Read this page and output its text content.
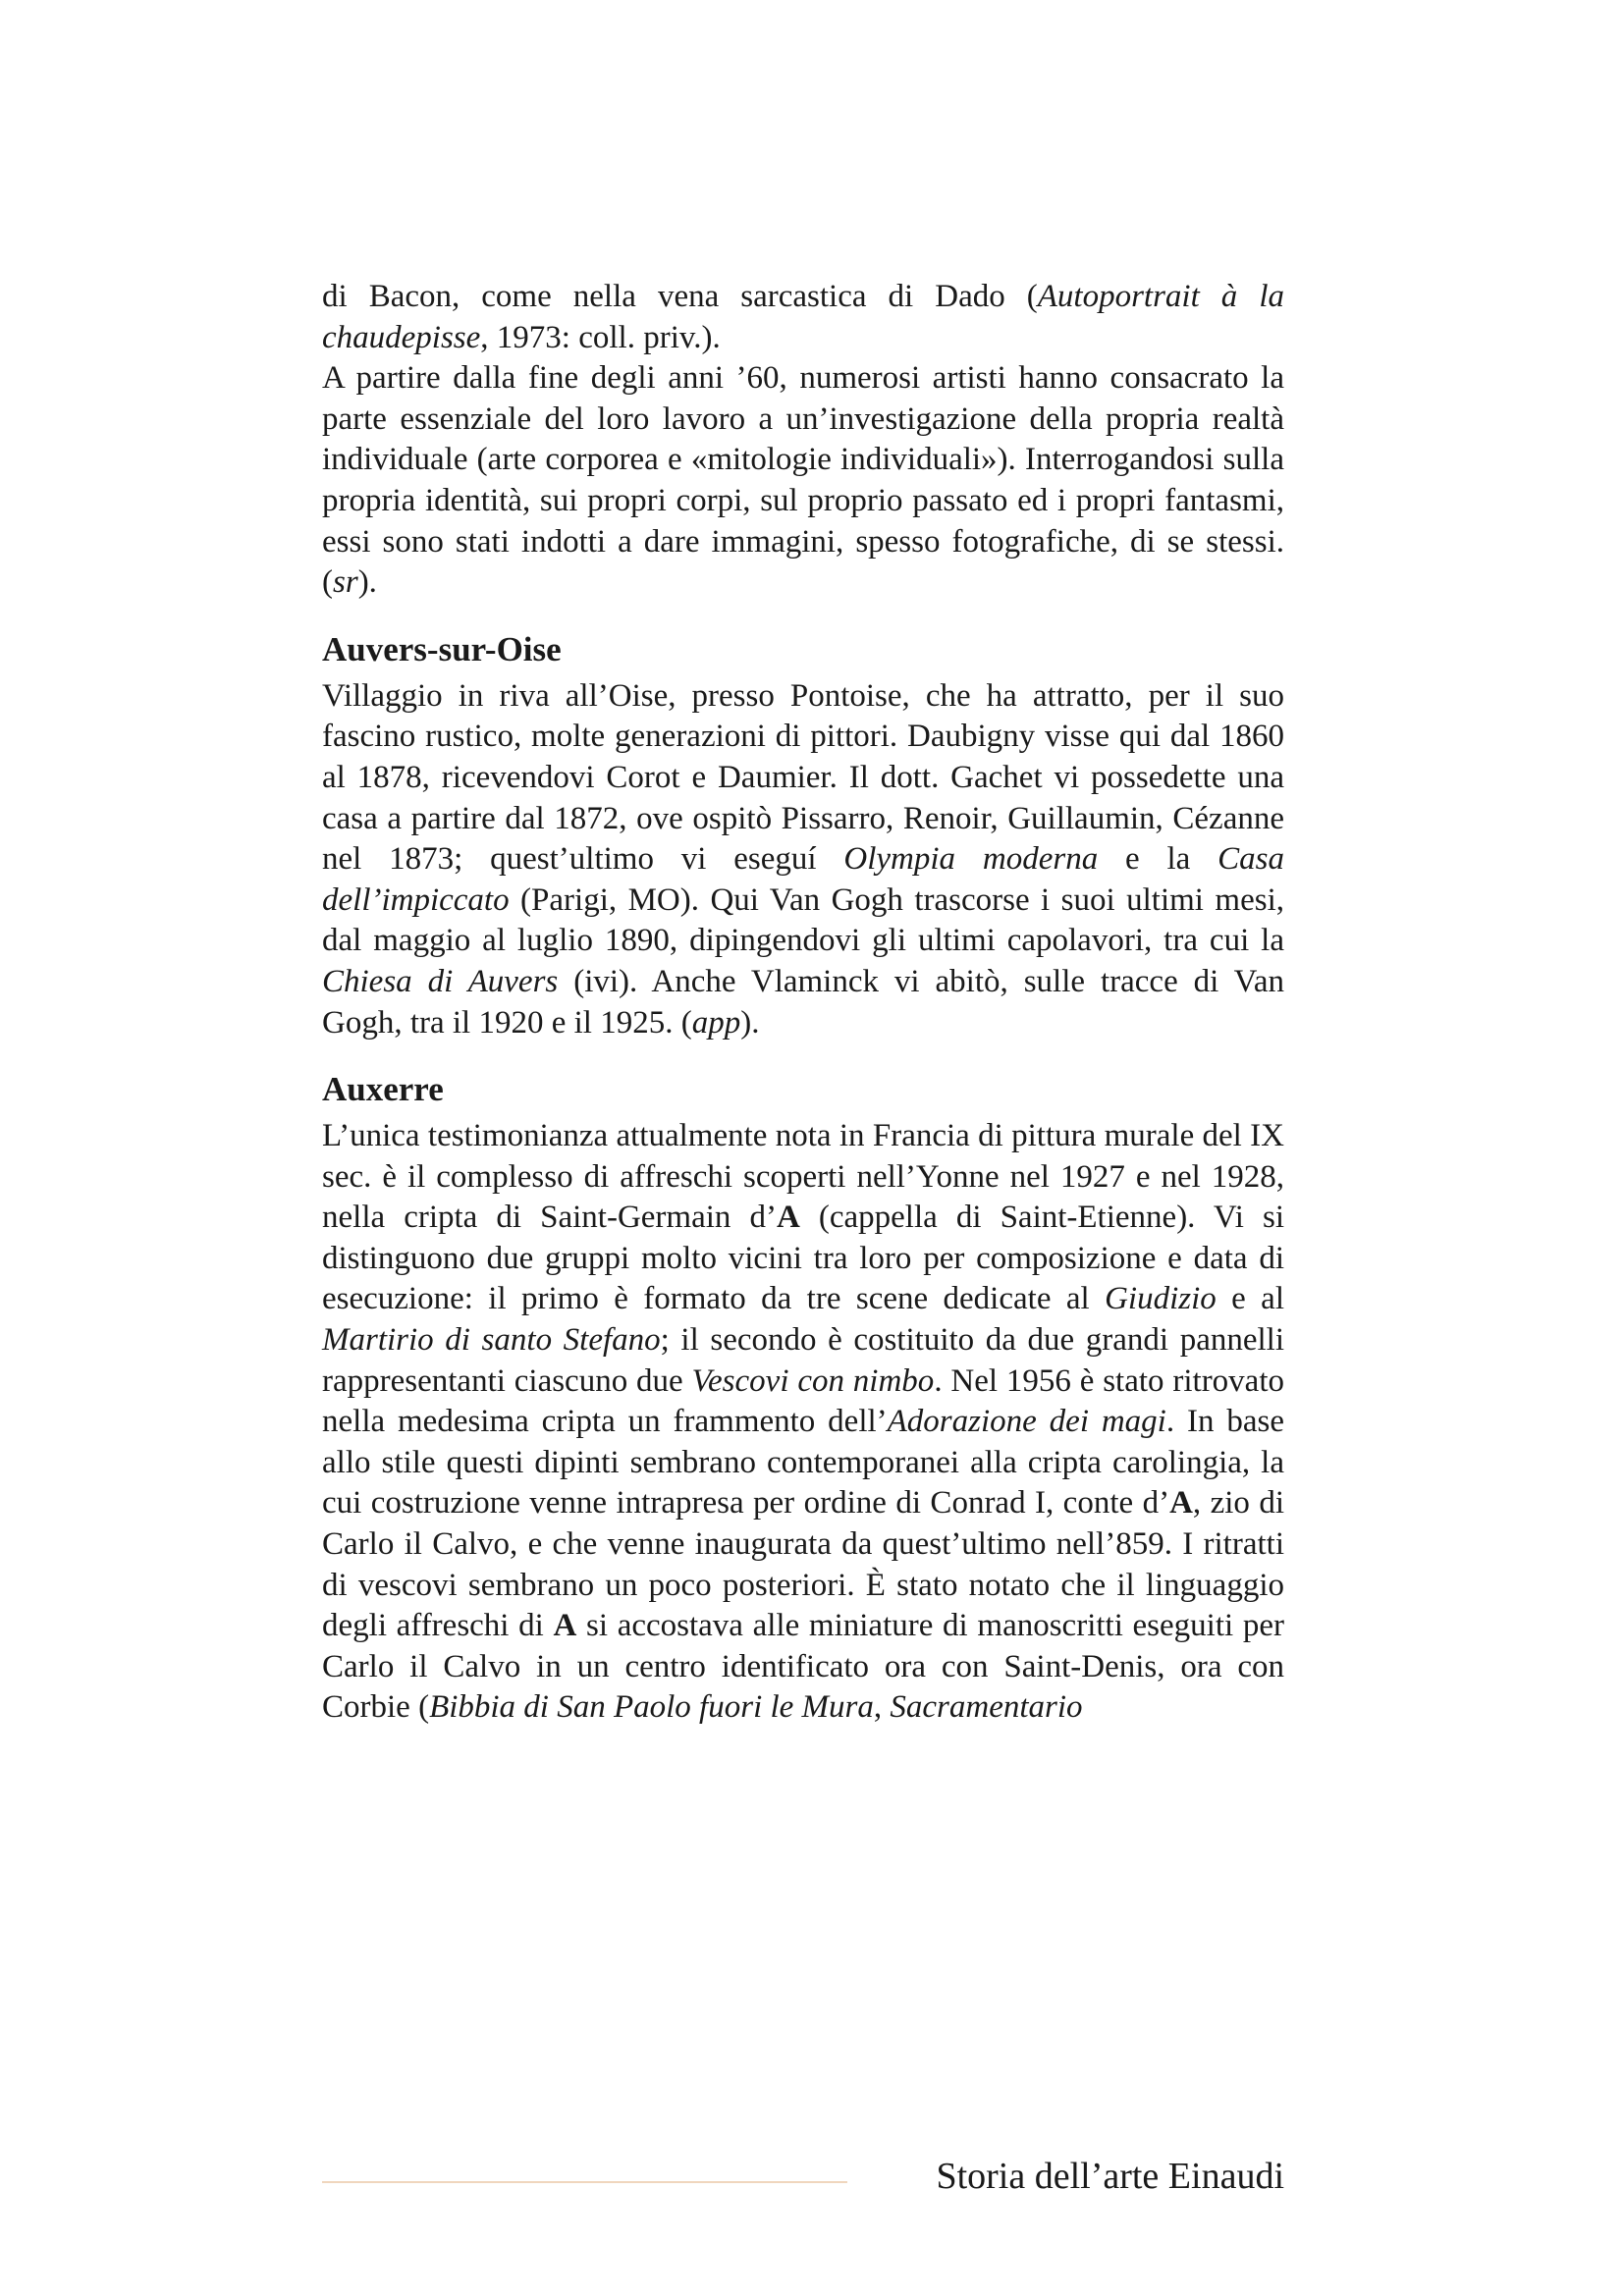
di Bacon, come nella vena sarcastica di Dado (Autoportrait à la chaudepisse, 1973: coll. priv.).

A partire dalla fine degli anni ’60, numerosi artisti hanno consacrato la parte essenziale del loro lavoro a un’investigazione della propria realtà individuale (arte corporea e «mitologie individuali»). Interrogandosi sulla propria identità, sui propri corpi, sul proprio passato ed i propri fantasmi, essi sono stati indotti a dare immagini, spesso fotografiche, di se stessi. (sr).

Auvers-sur-Oise

Villaggio in riva all’Oise, presso Pontoise, che ha attratto, per il suo fascino rustico, molte generazioni di pittori. Daubigny visse qui dal 1860 al 1878, ricevendovi Corot e Daumier. Il dott. Gachet vi possedette una casa a partire dal 1872, ove ospitò Pissarro, Renoir, Guillaumin, Cézanne nel 1873; quest’ultimo vi eseguí Olympia moderna e la Casa dell’impiccato (Parigi, MO). Qui Van Gogh trascorse i suoi ultimi mesi, dal maggio al luglio 1890, dipingendovi gli ultimi capolavori, tra cui la Chiesa di Auvers (ivi). Anche Vlaminck vi abitò, sulle tracce di Van Gogh, tra il 1920 e il 1925. (app).

Auxerre

L’unica testimonianza attualmente nota in Francia di pittura murale del IX sec. è il complesso di affreschi scoperti nell’Yonne nel 1927 e nel 1928, nella cripta di Saint-Germain d’A (cappella di Saint-Etienne). Vi si distinguono due gruppi molto vicini tra loro per composizione e data di esecuzione: il primo è formato da tre scene dedicate al Giudizio e al Martirio di santo Stefano; il secondo è costituito da due grandi pannelli rappresentanti ciascuno due Vescovi con nimbo. Nel 1956 è stato ritrovato nella medesima cripta un frammento dell’Adorazione dei magi. In base allo stile questi dipinti sembrano contemporanei alla cripta carolingia, la cui costruzione venne intrapresa per ordine di Conrad I, conte d’A, zio di Carlo il Calvo, e che venne inaugurata da quest’ultimo nell’859. I ritratti di vescovi sembrano un poco posteriori. È stato notato che il linguaggio degli affreschi di A si accostava alle miniature di manoscritti eseguiti per Carlo il Calvo in un centro identificato ora con Saint-Denis, ora con Corbie (Bibbia di San Paolo fuori le Mura, Sacramentario

Storia dell’arte Einaudi
